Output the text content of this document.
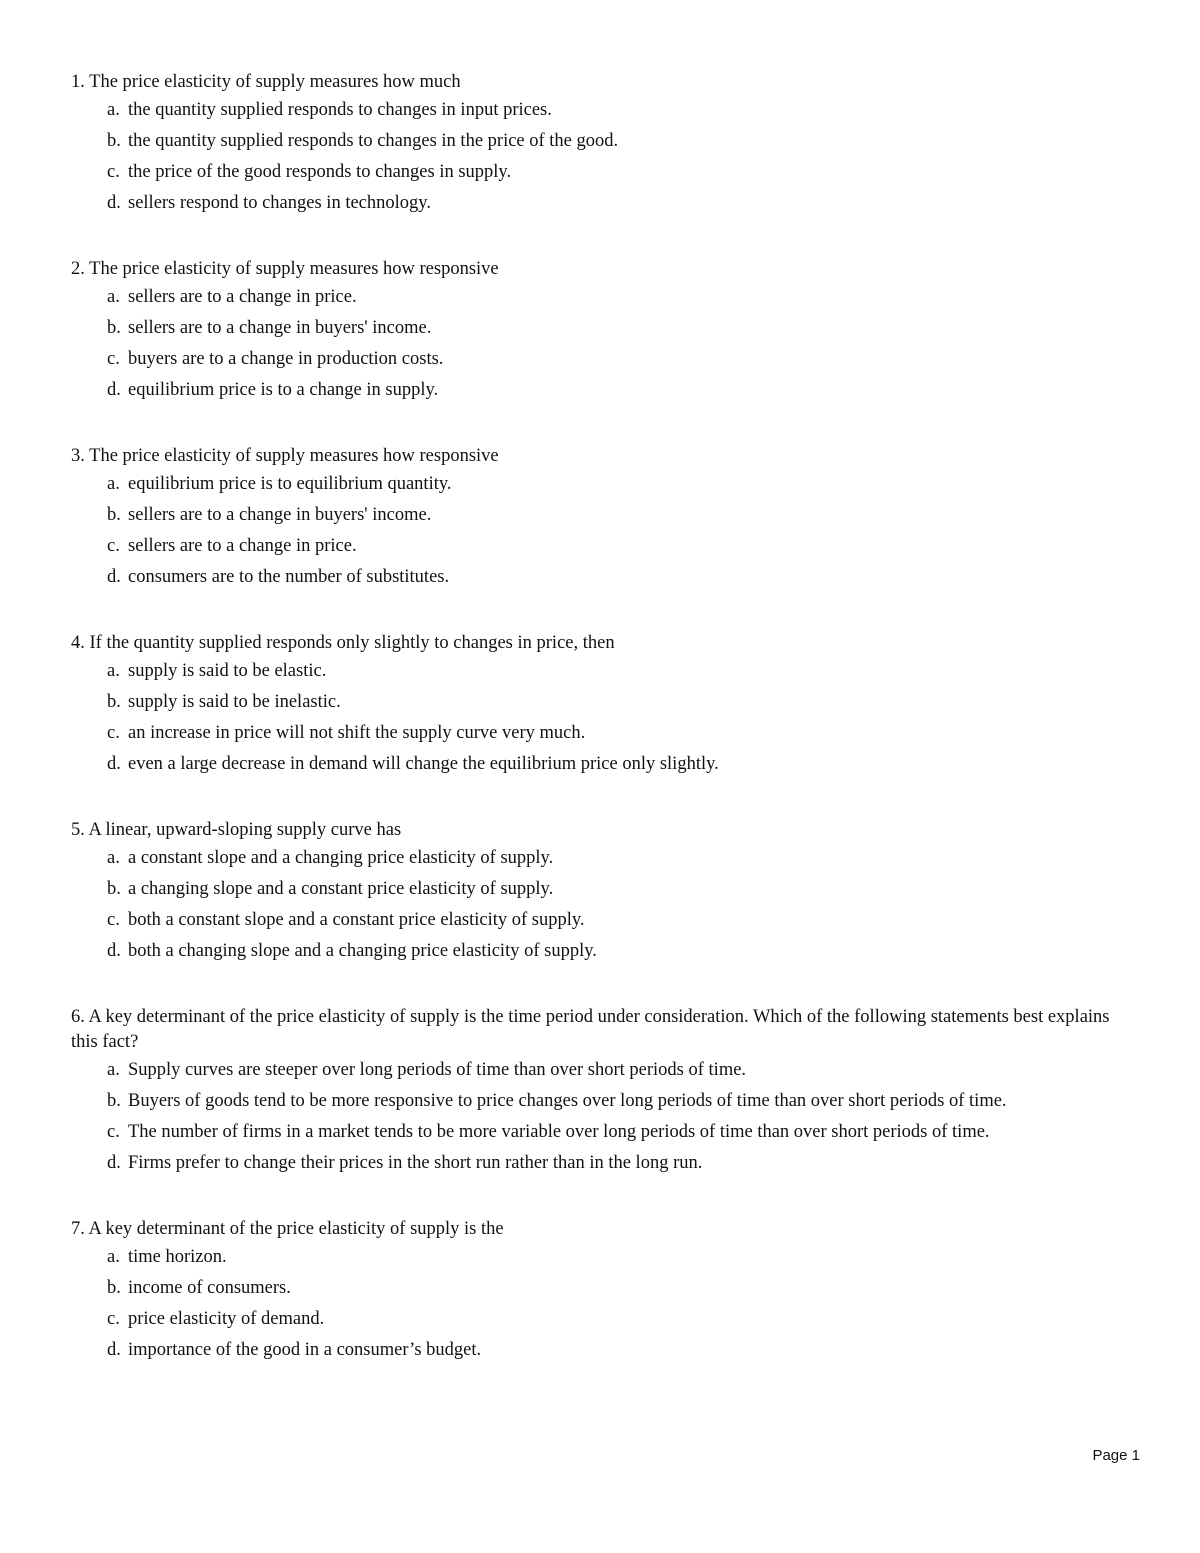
1. The price elasticity of supply measures how much
a. the quantity supplied responds to changes in input prices.
b. the quantity supplied responds to changes in the price of the good.
c. the price of the good responds to changes in supply.
d. sellers respond to changes in technology.
2. The price elasticity of supply measures how responsive
a. sellers are to a change in price.
b. sellers are to a change in buyers' income.
c. buyers are to a change in production costs.
d. equilibrium price is to a change in supply.
3. The price elasticity of supply measures how responsive
a. equilibrium price is to equilibrium quantity.
b. sellers are to a change in buyers' income.
c. sellers are to a change in price.
d. consumers are to the number of substitutes.
4. If the quantity supplied responds only slightly to changes in price, then
a. supply is said to be elastic.
b. supply is said to be inelastic.
c. an increase in price will not shift the supply curve very much.
d. even a large decrease in demand will change the equilibrium price only slightly.
5. A linear, upward-sloping supply curve has
a. a constant slope and a changing price elasticity of supply.
b. a changing slope and a constant price elasticity of supply.
c. both a constant slope and a constant price elasticity of supply.
d. both a changing slope and a changing price elasticity of supply.
6. A key determinant of the price elasticity of supply is the time period under consideration. Which of the following statements best explains this fact?
a. Supply curves are steeper over long periods of time than over short periods of time.
b. Buyers of goods tend to be more responsive to price changes over long periods of time than over short periods of time.
c. The number of firms in a market tends to be more variable over long periods of time than over short periods of time.
d. Firms prefer to change their prices in the short run rather than in the long run.
7. A key determinant of the price elasticity of supply is the
a. time horizon.
b. income of consumers.
c. price elasticity of demand.
d. importance of the good in a consumer’s budget.
Page 1
